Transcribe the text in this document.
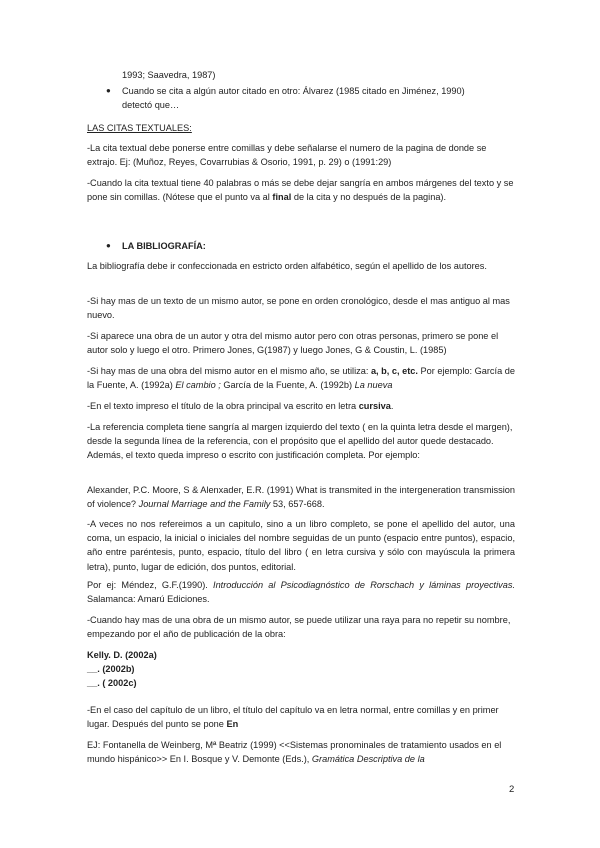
1993; Saavedra, 1987)
● Cuando se cita a algún autor citado en otro: Álvarez (1985 citado en Jiménez, 1990)
detectó que…
LAS CITAS TEXTUALES:
-La cita textual debe ponerse entre comillas y debe señalarse el numero de la pagina de donde se extrajo. Ej: (Muñoz, Reyes, Covarrubias & Osorio, 1991, p. 29) o (1991:29)
-Cuando la cita textual tiene 40 palabras o más se debe dejar sangría en ambos márgenes del texto y se pone sin comillas. (Nótese que el punto va al final de la cita y no después de la pagina).
● LA BIBLIOGRAFÍA:
La bibliografía debe ir confeccionada en estricto orden alfabético, según el apellido de los autores.
-Si hay mas de un texto de un mismo autor, se pone en orden cronológico, desde el mas antiguo al mas nuevo.
-Si aparece una obra de un autor y otra del mismo autor pero con otras personas, primero se pone el autor solo y luego el otro. Primero Jones, G(1987) y luego Jones, G & Coustin, L. (1985)
-Si hay mas de una obra del mismo autor en el mismo año, se utiliza: a, b, c, etc. Por ejemplo: García de la Fuente, A. (1992a) El cambio ; García de la Fuente, A. (1992b) La nueva
-En el texto impreso el título de la obra principal va escrito en letra cursiva.
-La referencia completa tiene sangría al margen izquierdo del texto ( en la quinta letra desde el margen), desde la segunda línea de la referencia, con el propósito que el apellido del autor quede destacado. Además, el texto queda impreso o escrito con justificación completa. Por ejemplo:
Alexander, P.C. Moore, S & Alenxader, E.R. (1991) What is transmited in the intergeneration transmission of violence? Journal Marriage and the Family 53, 657-668.
-A veces no nos refereimos a un capitulo, sino a un libro completo, se pone el apellido del autor, una coma, un espacio, la inicial o iniciales del nombre seguidas de un punto (espacio entre puntos), espacio, año entre paréntesis, punto, espacio, título del libro ( en letra cursiva y sólo con mayúscula la primera letra), punto, lugar de edición, dos puntos, editorial.
Por ej: Méndez, G.F.(1990). Introducción al Psicodiagnóstico de Rorschach y láminas proyectivas. Salamanca: Amarú Ediciones.
-Cuando hay mas de una obra de un mismo autor, se puede utilizar una raya para no repetir su nombre, empezando por el año de publicación de la obra:
Kelly. D. (2002a)
__. (2002b)
__. ( 2002c)
-En el caso del capítulo de un libro, el título del capítulo va en letra normal, entre comillas y en primer lugar. Después del punto se pone En
EJ: Fontanella de Weinberg, Mª Beatriz (1999) <<Sistemas pronominales de tratamiento usados en el mundo hispánico>> En I. Bosque y V. Demonte (Eds.), Gramática Descriptiva de la
2
